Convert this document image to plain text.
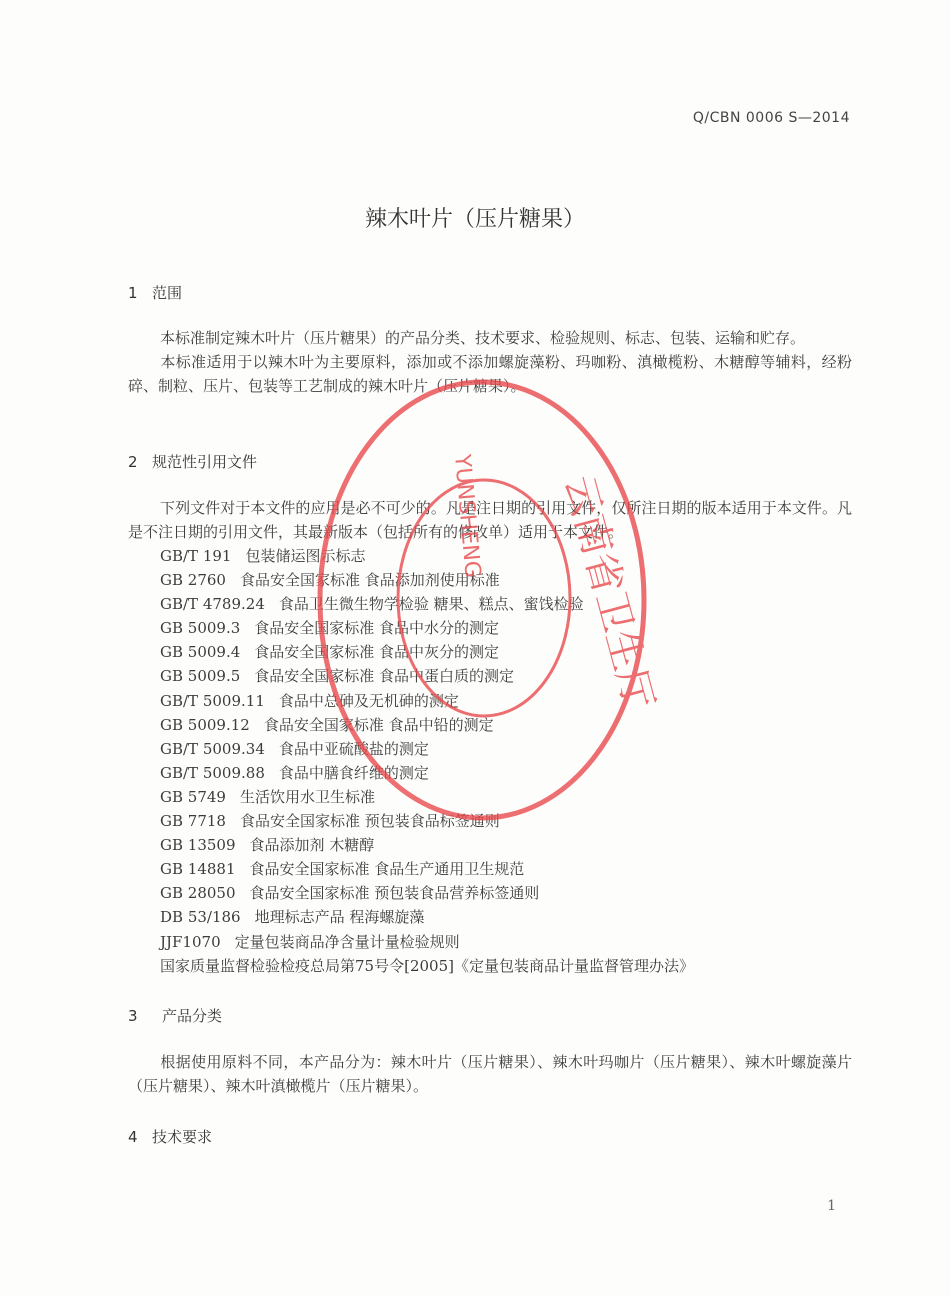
Q/CBN 0006 S—2014
辣木叶片（压片糖果）
1 范围
本标准制定辣木叶片（压片糖果）的产品分类、技术要求、检验规则、标志、包装、运输和贮存。
本标准适用于以辣木叶为主要原料，添加或不添加螺旋藻粉、玛咖粉、滇橄榄粉、木糖醇等辅料，经粉碎、制粒、压片、包装等工艺制成的辣木叶片（压片糖果）。
2 规范性引用文件
下列文件对于本文件的应用是必不可少的。凡是注日期的引用文件，仅所注日期的版本适用于本文件。凡是不注日期的引用文件，其最新版本（包括所有的修改单）适用于本文件。
GB/T 191 包装储运图示标志
GB 2760 食品安全国家标准 食品添加剂使用标准
GB/T 4789.24 食品卫生微生物学检验 糖果、糕点、蜜饯检验
GB 5009.3 食品安全国家标准 食品中水分的测定
GB 5009.4 食品安全国家标准 食品中灰分的测定
GB 5009.5 食品安全国家标准 食品中蛋白质的测定
GB/T 5009.11 食品中总砷及无机砷的测定
GB 5009.12 食品安全国家标准 食品中铅的测定
GB/T 5009.34 食品中亚硫酸盐的测定
GB/T 5009.88 食品中膳食纤维的测定
GB 5749 生活饮用水卫生标准
GB 7718 食品安全国家标准 预包装食品标签通则
GB 13509 食品添加剂 木糖醇
GB 14881 食品安全国家标准 食品生产通用卫生规范
GB 28050 食品安全国家标准 预包装食品营养标签通则
DB 53/186 地理标志产品 程海螺旋藻
JJF1070 定量包装商品净含量计量检验规则
国家质量监督检验检疫总局第75号令[2005]《定量包装商品计量监督管理办法》
3 产品分类
根据使用原料不同，本产品分为：辣木叶片（压片糖果）、辣木叶玛咖片（压片糖果）、辣木叶螺旋藻片（压片糖果）、辣木叶滇橄榄片（压片糖果）。
4 技术要求
1
云南省卫生厅
YUNSHENG
